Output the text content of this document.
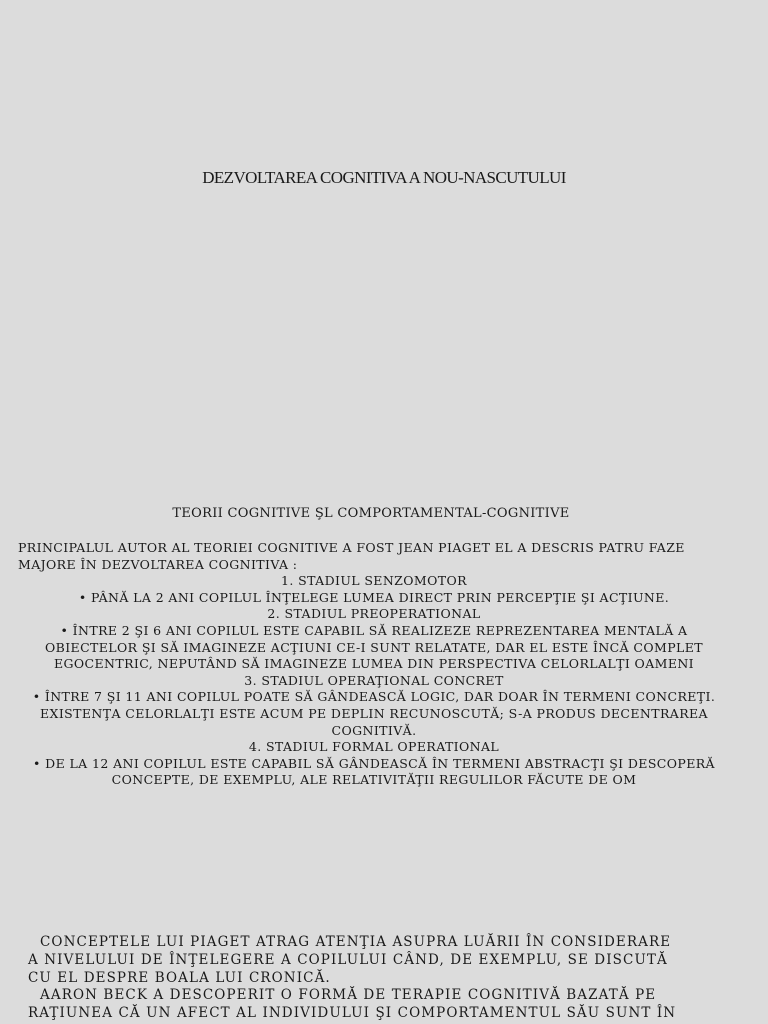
DEZVOLTAREA COGNITIVA A NOU-NASCUTULUI
TEORII COGNITIVE ŞL COMPORTAMENTAL-COGNITIVE

PRINCIPALUL AUTOR AL TEORIEI COGNITIVE A FOST JEAN PIAGET EL A DESCRIS PATRU FAZE MAJORE ÎN DEZVOLTAREA COGNITIVA :

1. STADIUL SENZOMOTOR

• PÂNĂ LA 2 ANI COPILUL ÎNŢELEGE LUMEA DIRECT PRIN PERCEPŢIE ŞI ACŢIUNE.

2. STADIUL PREOPERATIONAL

• ÎNTRE 2 ŞI 6 ANI COPILUL ESTE CAPABIL SĂ REALIZEZE REPREZENTAREA MENTALĂ A OBIECTELOR ŞI SĂ IMAGINEZE ACŢIUNI CE-I SUNT RELATATE, DAR EL ESTE ÎNCĂ COMPLET EGOCENTRIC, NEPUTÂND SĂ IMAGINEZE LUMEA DIN PERSPECTIVA CELORLALŢI OAMENI

3. STADIUL OPERAŢIONAL CONCRET

• ÎNTRE 7 ŞI 11 ANI COPILUL POATE SĂ GÂNDEASCĂ LOGIC, DAR DOAR ÎN TERMENI CONCREŢI. EXISTENŢA CELORLALŢI ESTE ACUM PE DEPLIN RECUNOSCUTĂ; S-A PRODUS DECENTRAREA COGNITIVĂ.

4. STADIUL FORMAL OPERATIONAL

• DE LA 12 ANI COPILUL ESTE CAPABIL SĂ GÂNDEASCĂ ÎN TERMENI ABSTRACŢI ŞI DESCOPERĂ CONCEPTE, DE EXEMPLU, ALE RELATIVITĂŢII REGULILOR FĂCUTE DE OM

CONCEPTELE LUI PIAGET ATRAG ATENŢIA ASUPRA LUĂRII ÎN CONSIDERARE A NIVELULUI DE ÎNŢELEGERE A COPILULUI CÂND, DE EXEMPLU, SE DISCUTĂ CU EL DESPRE BOALA LUI CRONICĂ.

AARON BECK A DESCOPERIT O FORMĂ DE TERAPIE COGNITIVĂ BAZATĂ PE RAŢIUNEA CĂ UN AFECT AL INDIVIDULUI ŞI COMPORTAMENTUL SĂU SUNT ÎN
